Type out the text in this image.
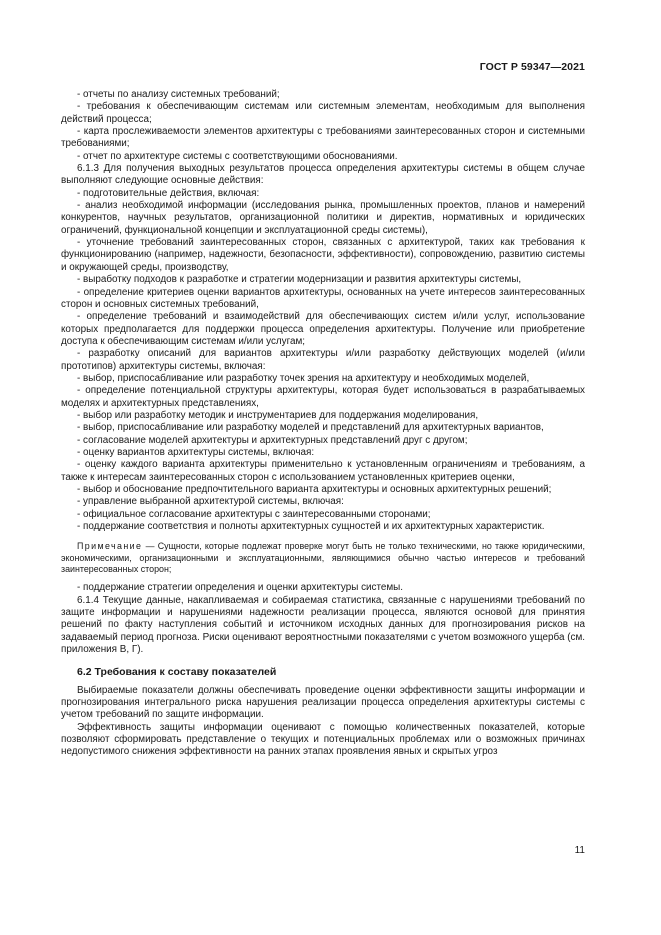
ГОСТ Р 59347—2021

- отчеты по анализу системных требований;

- требования к обеспечивающим системам или системным элементам, необходимым для выполнения действий процесса;

- карта прослеживаемости элементов архитектуры с требованиями заинтересованных сторон и системными требованиями;

- отчет по архитектуре системы с соответствующими обоснованиями.

6.1.3 Для получения выходных результатов процесса определения архитектуры системы в общем случае выполняют следующие основные действия:

- подготовительные действия, включая:

- анализ необходимой информации (исследования рынка, промышленных проектов, планов и намерений конкурентов, научных результатов, организационной политики и директив, нормативных и юридических ограничений, функциональной концепции и эксплуатационной среды системы),

- уточнение требований заинтересованных сторон, связанных с архитектурой, таких как требования к функционированию (например, надежности, безопасности, эффективности), сопровождению, развитию системы и окружающей среды, производству,

- выработку подходов к разработке и стратегии модернизации и развития архитектуры системы,

- определение критериев оценки вариантов архитектуры, основанных на учете интересов заинтересованных сторон и основных системных требований,

- определение требований и взаимодействий для обеспечивающих систем и/или услуг, использование которых предполагается для поддержки процесса определения архитектуры. Получение или приобретение доступа к обеспечивающим системам и/или услугам;

- разработку описаний для вариантов архитектуры и/или разработку действующих моделей (и/или прототипов) архитектуры системы, включая:

- выбор, приспосабливание или разработку точек зрения на архитектуру и необходимых моделей,

- определение потенциальной структуры архитектуры, которая будет использоваться в разрабатываемых моделях и архитектурных представлениях,

- выбор или разработку методик и инструментариев для поддержания моделирования,

- выбор, приспосабливание или разработку моделей и представлений для архитектурных вариантов,

- согласование моделей архитектуры и архитектурных представлений друг с другом;

- оценку вариантов архитектуры системы, включая:

- оценку каждого варианта архитектуры применительно к установленным ограничениям и требованиям, а также к интересам заинтересованных сторон с использованием установленных критериев оценки,

- выбор и обоснование предпочтительного варианта архитектуры и основных архитектурных решений;

- управление выбранной архитектурой системы, включая:

- официальное согласование архитектуры с заинтересованными сторонами;

- поддержание соответствия и полноты архитектурных сущностей и их архитектурных характеристик.

Примечание — Сущности, которые подлежат проверке могут быть не только техническими, но также юридическими, экономическими, организационными и эксплуатационными, являющимися обычно частью интересов и требований заинтересованных сторон;

- поддержание стратегии определения и оценки архитектуры системы.

6.1.4 Текущие данные, накапливаемая и собираемая статистика, связанные с нарушениями требований по защите информации и нарушениями надежности реализации процесса, являются основой для принятия решений по факту наступления событий и источником исходных данных для прогнозирования рисков на задаваемый период прогноза. Риски оценивают вероятностными показателями с учетом возможного ущерба (см. приложения В, Г).

6.2 Требования к составу показателей

Выбираемые показатели должны обеспечивать проведение оценки эффективности защиты информации и прогнозирования интегрального риска нарушения реализации процесса определения архитектуры системы с учетом требований по защите информации.

Эффективность защиты информации оценивают с помощью количественных показателей, которые позволяют сформировать представление о текущих и потенциальных проблемах или о возможных причинах недопустимого снижения эффективности на ранних этапах проявления явных и скрытых угроз

11
